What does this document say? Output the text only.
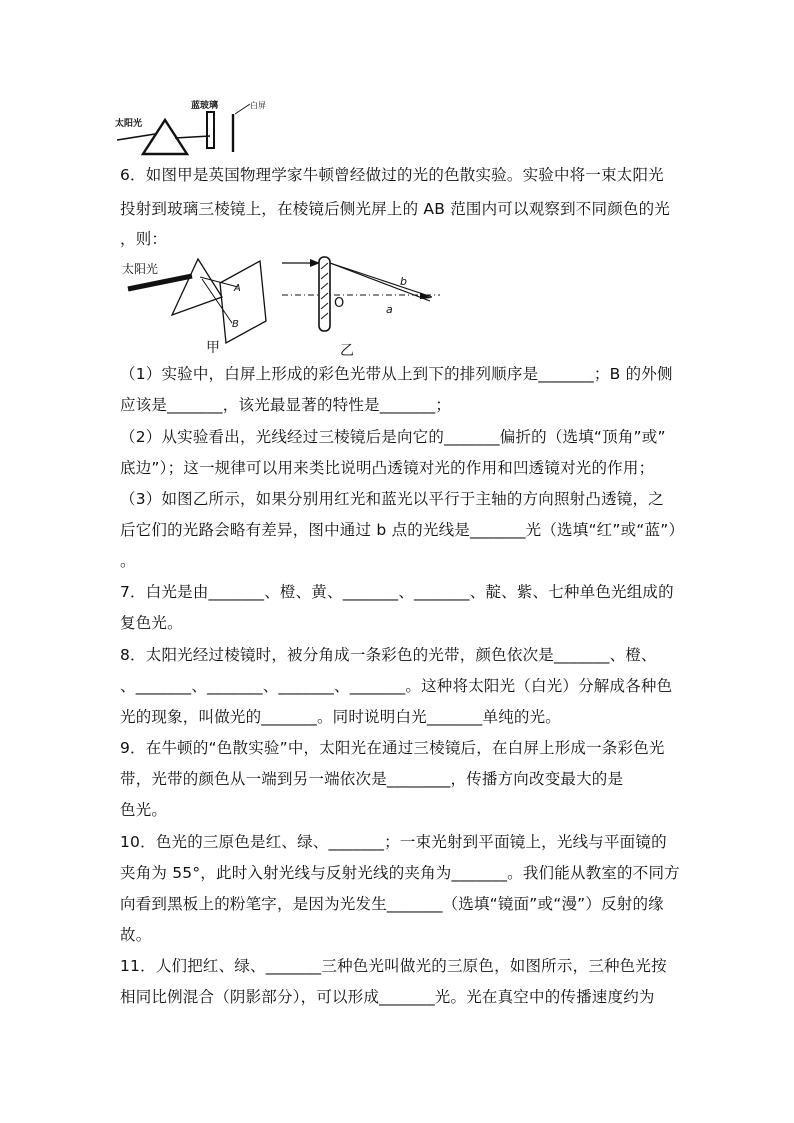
太阳光
蓝玻璃	白屏
6．如图甲是英国物理学家牛顿曾经做过的光的色散实验。实验中将一束太阳光
投射到玻璃三棱镜上，在棱镜后侧光屏上的 AB 范围内可以观察到不同颜色的光
，则：
太阳光
A
B
O	a
b
甲	乙
（1）实验中，白屏上形成的彩色光带从上到下的排列顺序是_______；B 的外侧
应该是_______，该光最显著的特性是_______；
（2）从实验看出，光线经过三棱镜后是向它的_______偏折的（选填“顶角”或”
底边”）；这一规律可以用来类比说明凸透镜对光的作用和凹透镜对光的作用；
（3）如图乙所示，如果分别用红光和蓝光以平行于主轴的方向照射凸透镜，之
后它们的光路会略有差异，图中通过 b 点的光线是_______光（选填“红”或“蓝”）
。
7．白光是由_______、橙、黄、_______、_______、靛、紫、七种单色光组成的
复色光。
8．太阳光经过棱镜时，被分角成一条彩色的光带，颜色依次是_______、橙、
、_______、_______、_______、_______。这种将太阳光（白光）分解成各种色
光的现象，叫做光的_______。同时说明白光_______单纯的光。
9．在牛顿的“色散实验”中，太阳光在通过三棱镜后，在白屏上形成一条彩色光
带，光带的颜色从一端到另一端依次是________，传播方向改变最大的是
色光。
10．色光的三原色是红、绿、_______；一束光射到平面镜上，光线与平面镜的
夹角为 55°，此时入射光线与反射光线的夹角为_______。我们能从教室的不同方
向看到黑板上的粉笔字，是因为光发生_______（选填“镜面”或“漫”）反射的缘
故。
11．人们把红、绿、_______三种色光叫做光的三原色，如图所示，三种色光按
相同比例混合（阴影部分），可以形成_______光。光在真空中的传播速度约为
